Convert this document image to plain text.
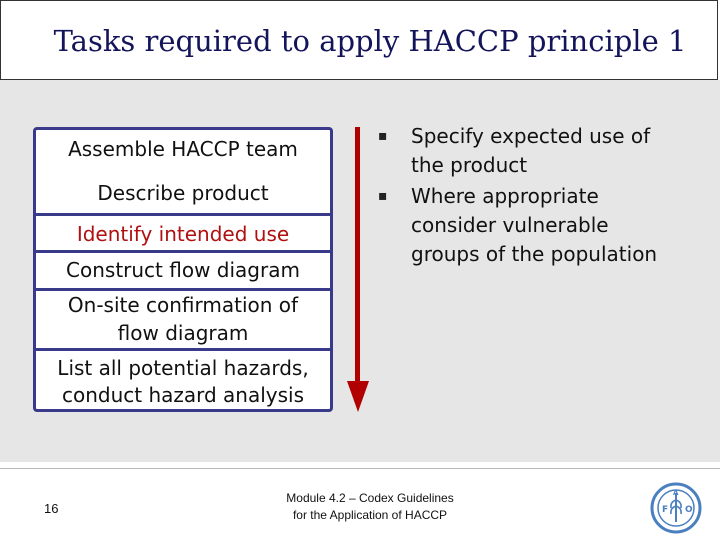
Tasks required to apply HACCP principle 1
Assemble HACCP team
Describe product
Identify intended use
Construct flow diagram
On-site confirmation of
flow diagram
List all potential hazards,
conduct hazard analysis
▪ Specify expected use of
the product
▪ Where appropriate
consider vulnerable
groups of the population
16
Module 4.2 – Codex Guidelines
for the Application of HACCP	F O
A
